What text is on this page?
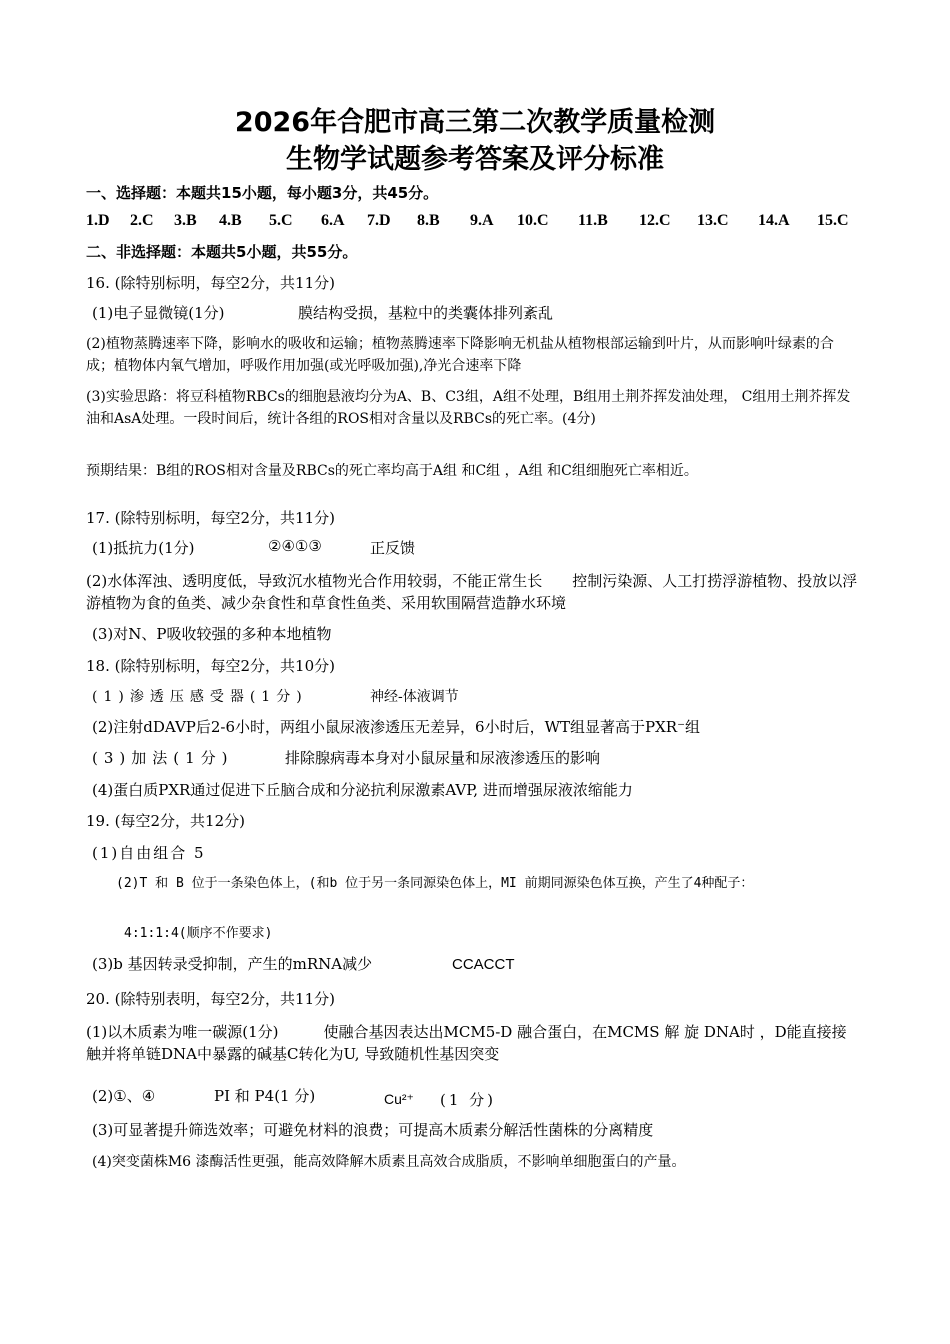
2026年合肥市高三第二次教学质量检测
生物学试题参考答案及评分标准
一、选择题：本题共15小题，每小题3分，共45分。
1.D 2.C 3.B 4.B 5.C 6.A 7.D 8.B 9.A 10.C 11.B 12.C 13.C 14.A 15.C
二、非选择题：本题共5小题，共55分。
16. (除特别标明，每空2分，共11分)
(1)电子显微镜(1分)	膜结构受损，基粒中的类囊体排列紊乱
(2)植物蒸腾速率下降，影响水的吸收和运输；植物蒸腾速率下降影响无机盐从植物根部运输到叶片，从而影响叶绿素的合成；植物体内氧气增加，呼吸作用加强(或光呼吸加强),净光合速率下降
(3)实验思路：将豆科植物RBCs的细胞悬液均分为A、B、C3组，A组不处理，B组用土荆芥挥发油处理， C组用土荆芥挥发油和AsA处理。一段时间后，统计各组的ROS相对含量以及RBCs的死亡率。(4分)
预期结果：B组的ROS相对含量及RBCs的死亡率均高于A组 和C组 ，A组 和C组细胞死亡率相近。
17. (除特别标明，每空2分，共11分)
(1)抵抗力(1分)	②④①③	正反馈
(2)水体浑浊、透明度低，导致沉水植物光合作用较弱，不能正常生长　　控制污染源、人工打捞浮游植物、投放以浮游植物为食的鱼类、减少杂食性和草食性鱼类、采用软围隔营造静水环境
(3)对N、P吸收较强的多种本地植物
18. (除特别标明，每空2分，共10分)
(1)渗透压感受器(1分)	神经-体液调节
(2)注射dDAVP后2-6小时，两组小鼠尿液渗透压无差异，6小时后，WT组显著高于PXR⁻组
(3)加法(1分)	排除腺病毒本身对小鼠尿量和尿液渗透压的影响
(4)蛋白质PXR通过促进下丘脑合成和分泌抗利尿激素AVP, 进而增强尿液浓缩能力
19. (每空2分，共12分)
(1)自由组合 5
(2)T 和 B 位于一条染色体上，(和b 位于另一条同源染色体上，MI 前期同源染色体互换，产生了4种配子：
4:1:1:4(顺序不作要求)
(3)b 基因转录受抑制，产生的mRNA减少	CCACCT
20. (除特别表明，每空2分，共11分)
(1)以木质素为唯一碳源(1分)　　　使融合基因表达出MCM5-D 融合蛋白，在MCMS 解 旋 DNA时 ，D能直接接触并将单链DNA中暴露的碱基C转化为U, 导致随机性基因突变
(2)①、④	PI 和 P4(1 分)	Cu²⁺ (1 分)
(3)可显著提升筛选效率；可避免材料的浪费；可提高木质素分解活性菌株的分离精度
(4)突变菌株M6 漆酶活性更强，能高效降解木质素且高效合成脂质，不影响单细胞蛋白的产量。
